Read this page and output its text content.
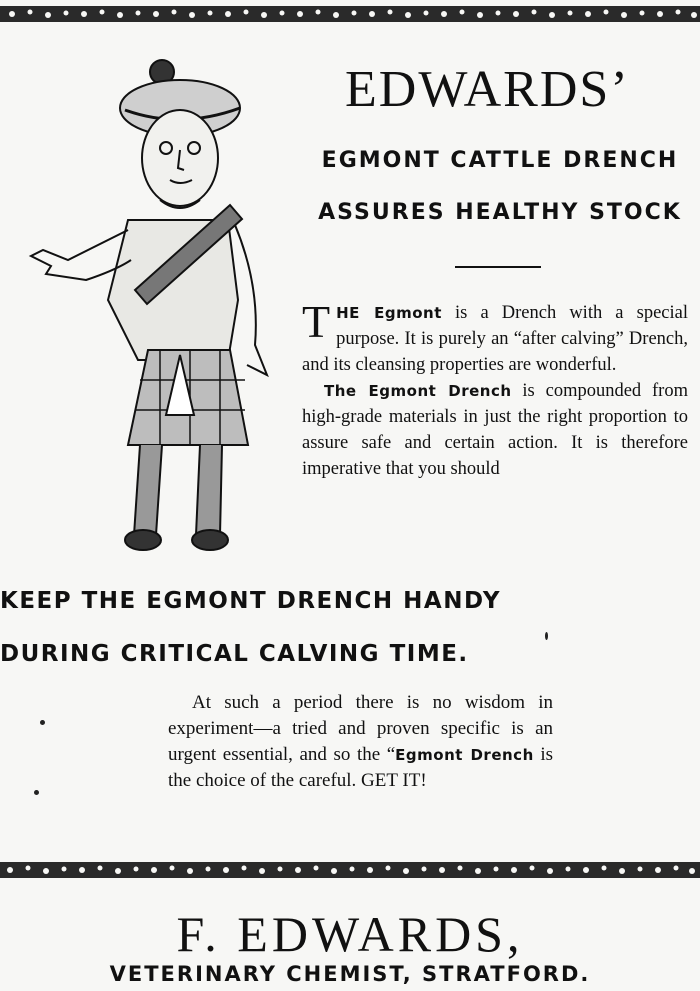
EDWARDS’
EGMONT CATTLE DRENCH
ASSURES HEALTHY STOCK

THE Egmont is a Drench with a special purpose. It is purely an “after calving” Drench, and its cleansing properties are wonderful.

The Egmont Drench is compounded from high-grade materials in just the right proportion to assure safe and certain action. It is therefore imperative that you should

KEEP THE EGMONT DRENCH HANDY
DURING CRITICAL CALVING TIME.

At such a period there is no wisdom in experiment—a tried and proven specific is an urgent essential, and so the “Egmont Drench is the choice of the careful. GET IT!

F. EDWARDS,
VETERINARY CHEMIST, STRATFORD.
